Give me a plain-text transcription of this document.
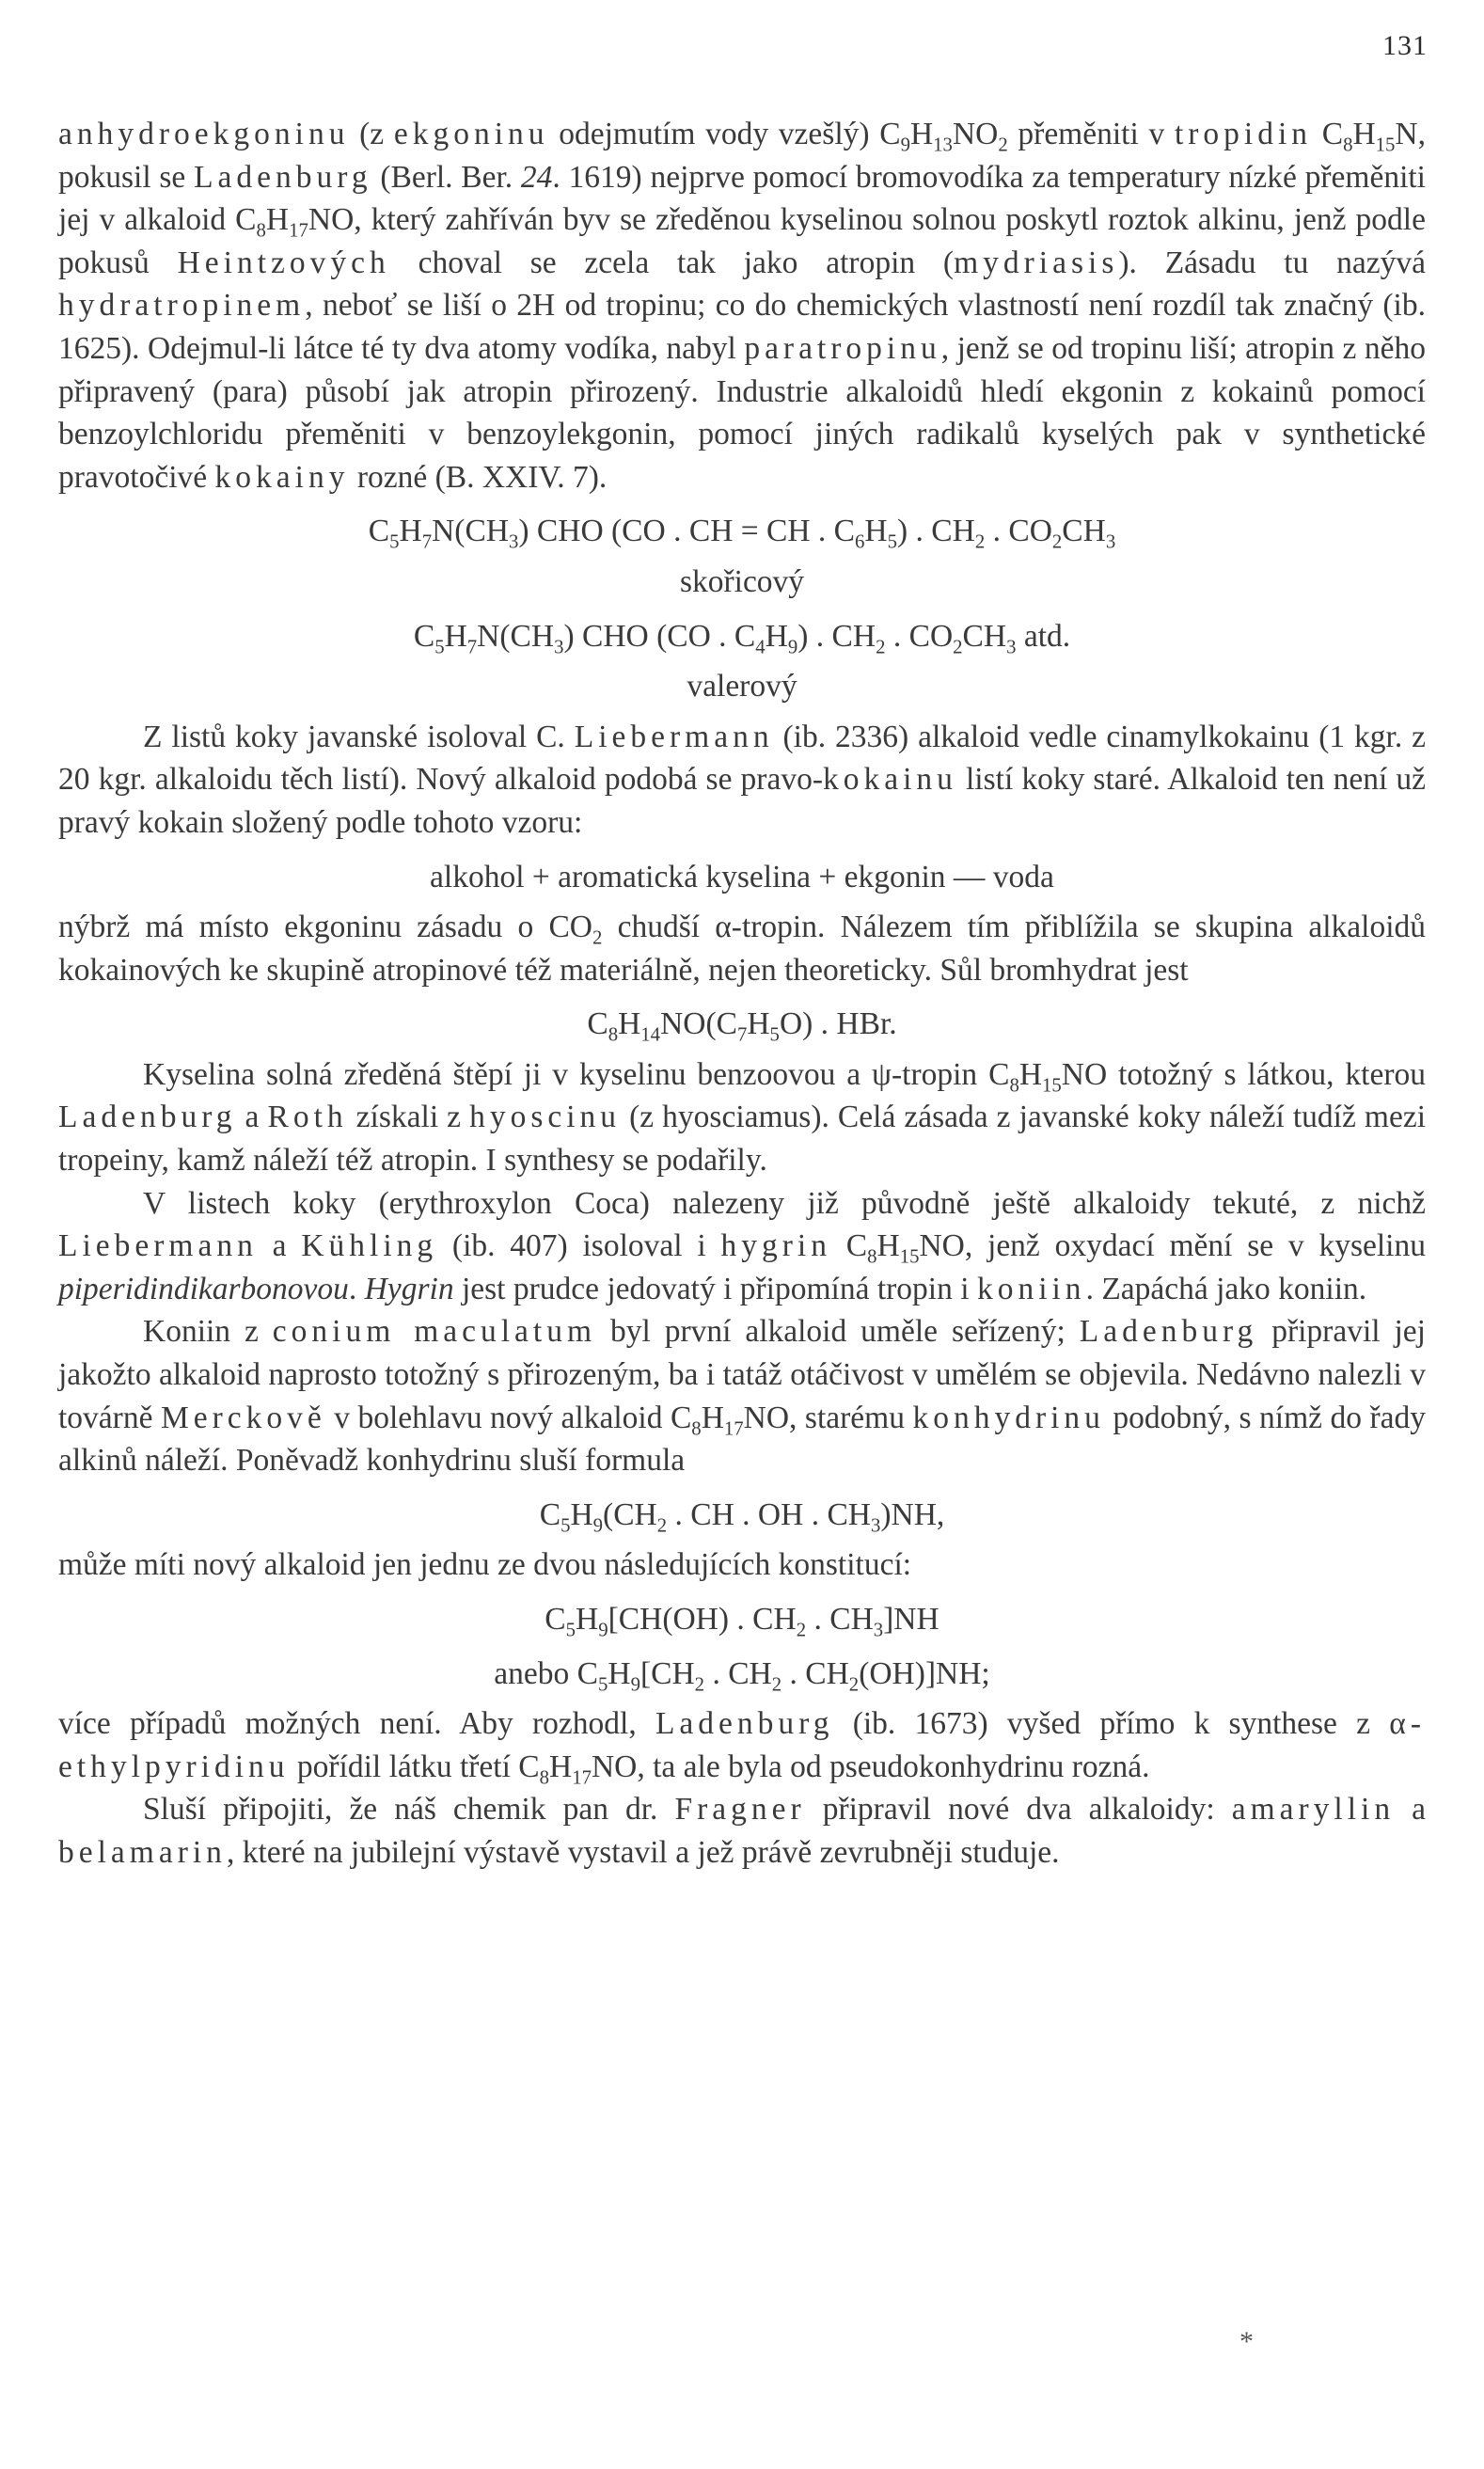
131

anhydroekgoninu (z ekgoninu odejmutím vody vzešlý) $C_9H_{13}NO_2$ přeměniti v tropidin $C_8H_{15}N$, pokusil se Ladenburg (Berl. Ber. 24. 1619) nejprve pomocí bromovodíka za temperatury nízké přeměniti jej v alkaloid $C_8H_{17}NO$, který zahříván byv se zředěnou kyselinou solnou poskytl roztok alkinu, jenž podle pokusů Heintzových choval se zcela tak jako atropin (mydriasis). Zásadu tu nazývá hydratropinem, neboť se liší o 2H od tropinu; co do chemických vlastností není rozdíl tak značný (ib. 1625). Odejmul-li látce té ty dva atomy vodíka, nabyl paratropinu, jenž se od tropinu liší; atropin z něho připravený (para) působí jak atropin přirozený. Industrie alkaloidů hledí ekgonin z kokainů pomocí benzoylchloridu přeměniti v benzoylekgonin, pomocí jiných radikalů kyselých pak v synthetické pravotočivé kokainy rozné (B. XXIV. 7).

$C_5H_7N(CH_3)$ CHO (CO . CH = CH . $C_6H_5$) . $CH_2$ . $CO_2CH_3$

skořicový

$C_5H_7N(CH_3)$ CHO (CO . $C_4H_9$) . $CH_2$ . $CO_2CH_3$ atd.

valerový

Z listů koky javanské isoloval C. Liebermann (ib. 2336) alkaloid vedle cinamylkokainu (1 kgr. z 20 kgr. alkaloidu těch listí). Nový alkaloid podobá se pravo-kokainu listí koky staré. Alkaloid ten není už pravý kokain složený podle tohoto vzoru:

alkohol + aromatická kyselina + ekgonin — voda

nýbrž má místo ekgoninu zásadu o $CO_2$ chudší α-tropin. Nálezem tím přiblížila se skupina alkaloidů kokainových ke skupině atropinové též materiálně, nejen theoreticky. Sůl bromhydrat jest

$C_8H_{14}NO(C_7H_5O)$ . HBr.

Kyselina solná zředěná štěpí ji v kyselinu benzoovou a ψ-tropin $C_8H_{15}NO$ totožný s látkou, kterou Ladenburg a Roth získali z hyoscinu (z hyosciamus). Celá zásada z javanské koky náleží tudíž mezi tropeiny, kamž náleží též atropin. I synthesy se podařily.

V listech koky (erythroxylon Coca) nalezeny již původně ještě alkaloidy tekuté, z nichž Liebermann a Kühling (ib. 407) isoloval i hygrin $C_8H_{15}NO$, jenž oxydací mění se v kyselinu piperidindikarbonovou. Hygrin jest prudce jedovatý i připomíná tropin i koniin. Zapáchá jako koniin.

Koniin z conium maculatum byl první alkaloid uměle seřízený; Ladenburg připravil jej jakožto alkaloid naprosto totožný s přirozeným, ba i tatáž otáčivost v umělém se objevila. Nedávno nalezli v továrně Merckově v bolehlavu nový alkaloid $C_8H_{17}NO$, starému konhydrinu podobný, s nímž do řady alkinů náleží. Poněvadž konhydrinu sluší formula

$C_5H_9(CH_2$ . CH . OH . $CH_3)NH$,

může míti nový alkaloid jen jednu ze dvou následujících konstitucí:

$C_5H_9[CH(OH)$ . $CH_2$ . $CH_3]NH$

anebo $C_5H_9[CH_2$ . $CH_2$ . $CH_2(OH)]NH$;

více případů možných není. Aby rozhodl, Ladenburg (ib. 1673) vyšed přímo k synthese z α-ethylpyridinu pořídil látku třetí $C_8H_{17}NO$, ta ale byla od pseudokonhydrinu rozná.

Sluší připojiti, že náš chemik pan dr. Fragner připravil nové dva alkaloidy: amaryllin a belamarin, které na jubilejní výstavě vystavil a jež právě zevrubněji studuje.

*
